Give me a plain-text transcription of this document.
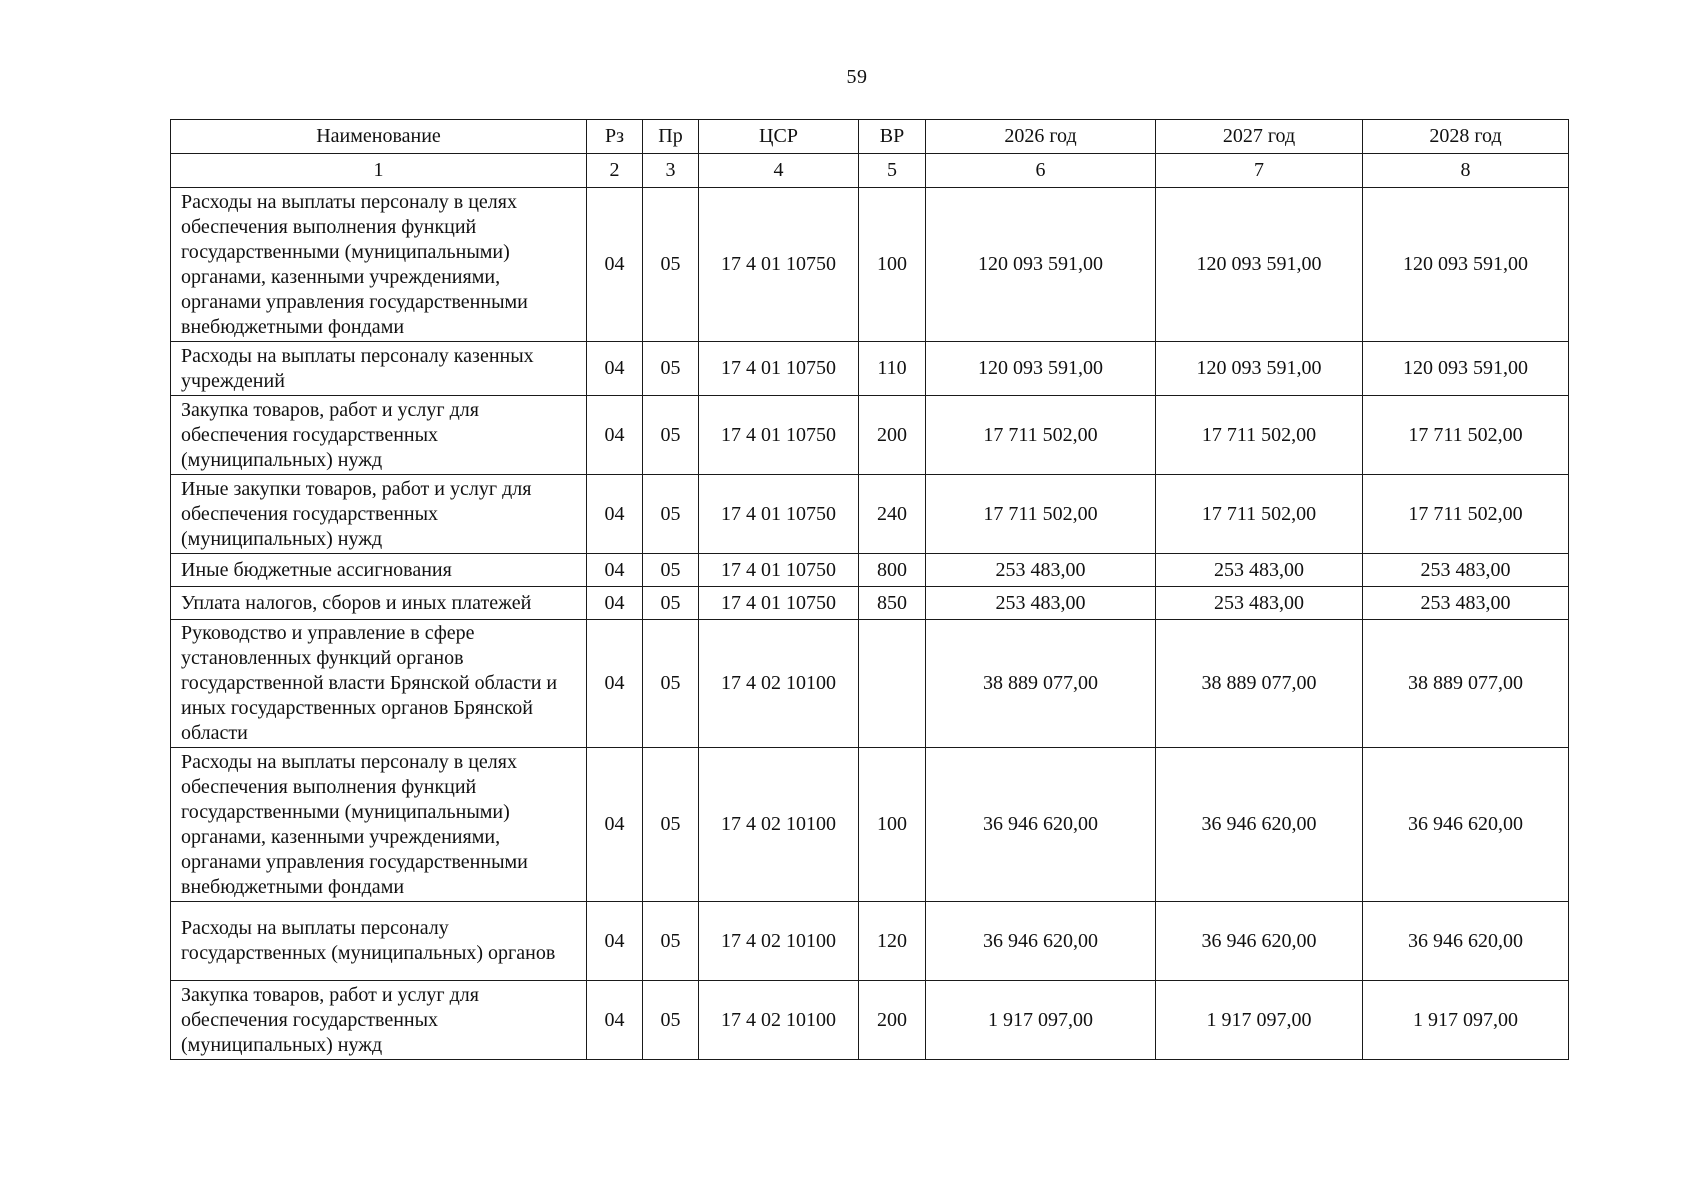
59
Наименование	Рз	Пр	ЦСР	ВР	2026 год	2027 год	2028 год
1	2	3	4	5	6	7	8
Расходы на выплаты персоналу в целях обеспечения выполнения функций государственными (муниципальными) органами, казенными учреждениями, органами управления государственными внебюджетными фондами	04	05	17 4 01 10750	100	120 093 591,00	120 093 591,00	120 093 591,00
Расходы на выплаты персоналу казенных учреждений	04	05	17 4 01 10750	110	120 093 591,00	120 093 591,00	120 093 591,00
Закупка товаров, работ и услуг для обеспечения государственных (муниципальных) нужд	04	05	17 4 01 10750	200	17 711 502,00	17 711 502,00	17 711 502,00
Иные закупки товаров, работ и услуг для обеспечения государственных (муниципальных) нужд	04	05	17 4 01 10750	240	17 711 502,00	17 711 502,00	17 711 502,00
Иные бюджетные ассигнования	04	05	17 4 01 10750	800	253 483,00	253 483,00	253 483,00
Уплата налогов, сборов и иных платежей	04	05	17 4 01 10750	850	253 483,00	253 483,00	253 483,00
Руководство и управление в сфере установленных функций органов государственной власти Брянской области и иных государственных органов Брянской области	04	05	17 4 02 10100		38 889 077,00	38 889 077,00	38 889 077,00
Расходы на выплаты персоналу в целях обеспечения выполнения функций государственными (муниципальными) органами, казенными учреждениями, органами управления государственными внебюджетными фондами	04	05	17 4 02 10100	100	36 946 620,00	36 946 620,00	36 946 620,00
Расходы на выплаты персоналу государственных (муниципальных) органов	04	05	17 4 02 10100	120	36 946 620,00	36 946 620,00	36 946 620,00
Закупка товаров, работ и услуг для обеспечения государственных (муниципальных) нужд	04	05	17 4 02 10100	200	1 917 097,00	1 917 097,00	1 917 097,00
